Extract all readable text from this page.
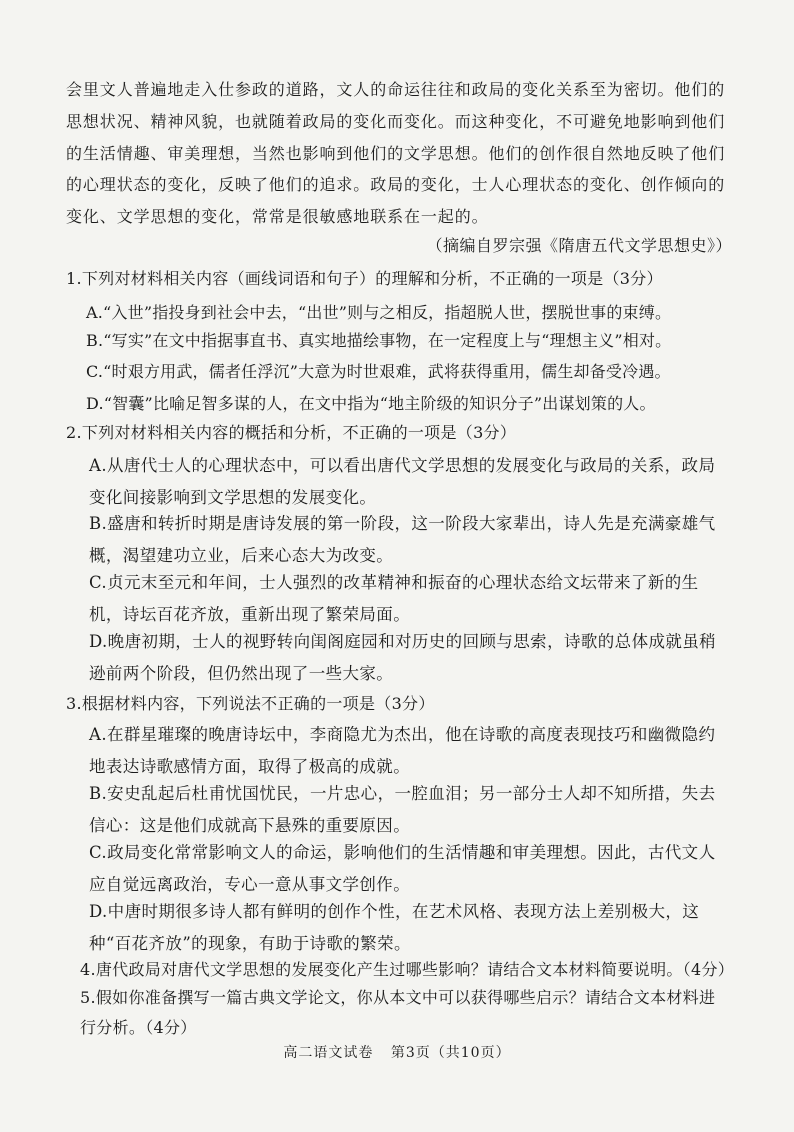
会里文人普遍地走入仕参政的道路，文人的命运往往和政局的变化关系至为密切。他们的思想状况、精神风貌，也就随着政局的变化而变化。而这种变化，不可避免地影响到他们的生活情趣、审美理想，当然也影响到他们的文学思想。他们的创作很自然地反映了他们的心理状态的变化，反映了他们的追求。政局的变化，士人心理状态的变化、创作倾向的变化、文学思想的变化，常常是很敏感地联系在一起的。

（摘编自罗宗强《隋唐五代文学思想史》）
1.下列对材料相关内容（画线词语和句子）的理解和分析，不正确的一项是（3分）
A.“入世”指投身到社会中去，“出世”则与之相反，指超脱人世，摆脱世事的束缚。
B.“写实”在文中指据事直书、真实地描绘事物，在一定程度上与“理想主义”相对。
C.“时艰方用武，儒者任浮沉”大意为时世艰难，武将获得重用，儒生却备受冷遇。
D.“智囊”比喻足智多谋的人，在文中指为“地主阶级的知识分子”出谋划策的人。
2.下列对材料相关内容的概括和分析，不正确的一项是（3分）
A.从唐代士人的心理状态中，可以看出唐代文学思想的发展变化与政局的关系，政局变化间接影响到文学思想的发展变化。
B.盛唐和转折时期是唐诗发展的第一阶段，这一阶段大家辈出，诗人先是充满豪雄气概，渴望建功立业，后来心态大为改变。
C.贞元末至元和年间，士人强烈的改革精神和振奋的心理状态给文坛带来了新的生机，诗坛百花齐放，重新出现了繁荣局面。
D.晚唐初期，士人的视野转向闺阁庭园和对历史的回顾与思索，诗歌的总体成就虽稍逊前两个阶段，但仍然出现了一些大家。
3.根据材料内容，下列说法不正确的一项是（3分）
A.在群星璀璨的晚唐诗坛中，李商隐尤为杰出，他在诗歌的高度表现技巧和幽微隐约地表达诗歌感情方面，取得了极高的成就。
B.安史乱起后杜甫忧国忧民，一片忠心，一腔血泪；另一部分士人却不知所措，失去信心：这是他们成就高下悬殊的重要原因。
C.政局变化常常影响文人的命运，影响他们的生活情趣和审美理想。因此，古代文人应自觉远离政治，专心一意从事文学创作。
D.中唐时期很多诗人都有鲜明的创作个性，在艺术风格、表现方法上差别极大，这种“百花齐放”的现象，有助于诗歌的繁荣。
4.唐代政局对唐代文学思想的发展变化产生过哪些影响？请结合文本材料简要说明。（4分）
5.假如你准备撰写一篇古典文学论文，你从本文中可以获得哪些启示？请结合文本材料进行分析。（4分）
高二语文试卷 第3页（共10页）
